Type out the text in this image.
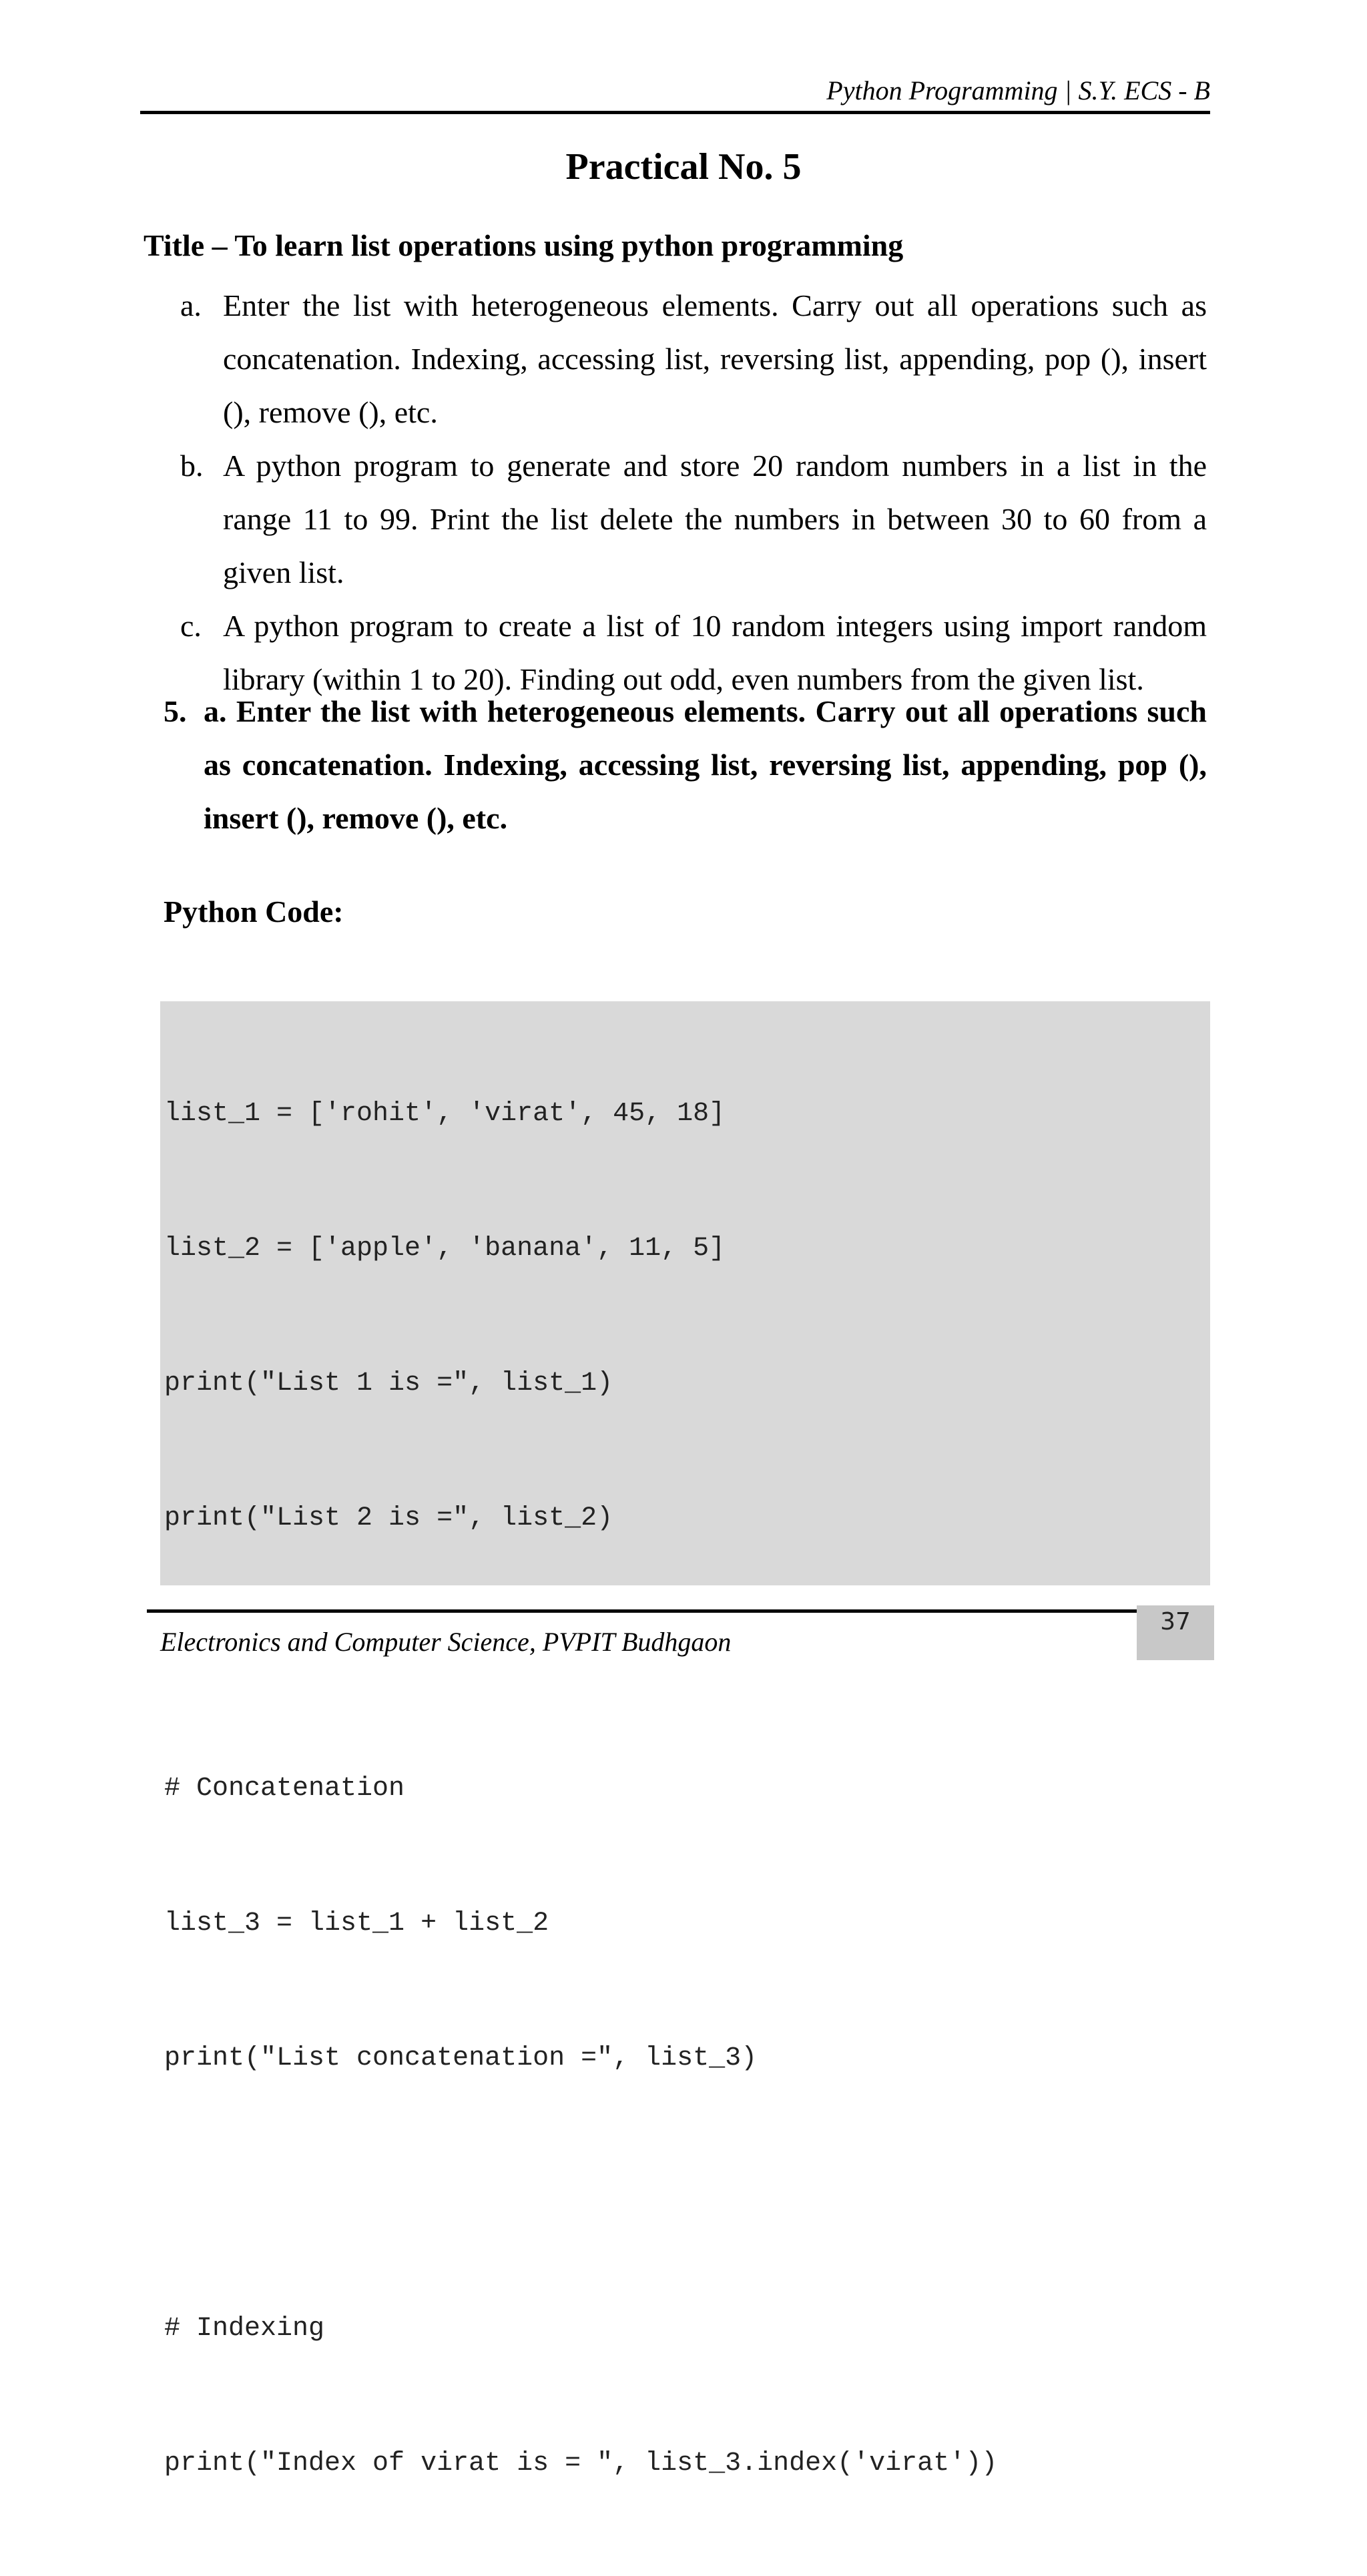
Python Programming | S.Y. ECS - B
Practical No. 5
Title – To learn list operations using python programming
a. Enter the list with heterogeneous elements. Carry out all operations such as concatenation. Indexing, accessing list, reversing list, appending, pop (), insert (), remove (), etc.
b. A python program to generate and store 20 random numbers in a list in the range 11 to 99. Print the list delete the numbers in between 30 to 60 from a given list.
c. A python program to create a list of 10 random integers using import random library (within 1 to 20). Finding out odd, even numbers from the given list.
5. a. Enter the list with heterogeneous elements. Carry out all operations such as concatenation. Indexing, accessing list, reversing list, appending, pop (), insert (), remove (), etc.
Python Code:

list_1 = ['rohit', 'virat', 45, 18]

list_2 = ['apple', 'banana', 11, 5]

print("List 1 is =", list_1)

print("List 2 is =", list_2)

# Concatenation

list_3 = list_1 + list_2

print("List concatenation =", list_3)

# Indexing

print("Index of virat is = ", list_3.index('virat'))

Electronics and Computer Science, PVPIT Budhgaon
37
